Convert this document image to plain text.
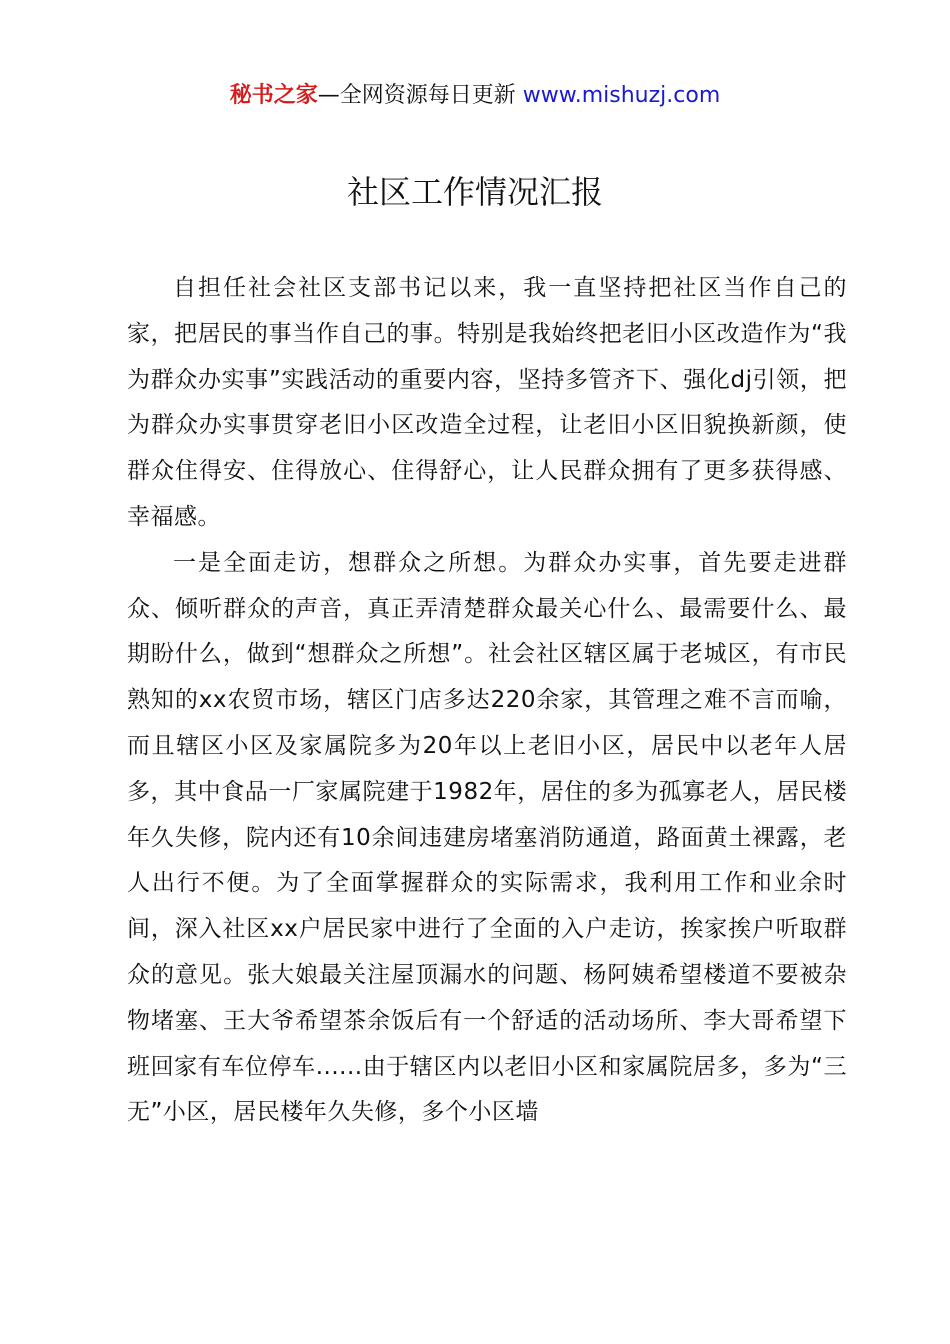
秘书之家—全网资源每日更新 www.mishuzj.com
社区工作情况汇报

自担任社会社区支部书记以来，我一直坚持把社区当作自己的家，把居民的事当作自己的事。特别是我始终把老旧小区改造作为“我为群众办实事”实践活动的重要内容，坚持多管齐下、强化dj引领，把为群众办实事贯穿老旧小区改造全过程，让老旧小区旧貌换新颜，使群众住得安、住得放心、住得舒心，让人民群众拥有了更多获得感、幸福感。

一是全面走访，想群众之所想。为群众办实事，首先要走进群众、倾听群众的声音，真正弄清楚群众最关心什么、最需要什么、最期盼什么，做到“想群众之所想”。社会社区辖区属于老城区，有市民熟知的xx农贸市场，辖区门店多达220余家，其管理之难不言而喻，而且辖区小区及家属院多为20年以上老旧小区，居民中以老年人居多，其中食品一厂家属院建于1982年，居住的多为孤寡老人，居民楼年久失修，院内还有10余间违建房堵塞消防通道，路面黄土裸露，老人出行不便。为了全面掌握群众的实际需求，我利用工作和业余时间，深入社区xx户居民家中进行了全面的入户走访，挨家挨户听取群众的意见。张大娘最关注屋顶漏水的问题、杨阿姨希望楼道不要被杂物堵塞、王大爷希望茶余饭后有一个舒适的活动场所、李大哥希望下班回家有车位停车......由于辖区内以老旧小区和家属院居多，多为“三无”小区，居民楼年久失修，多个小区墙
